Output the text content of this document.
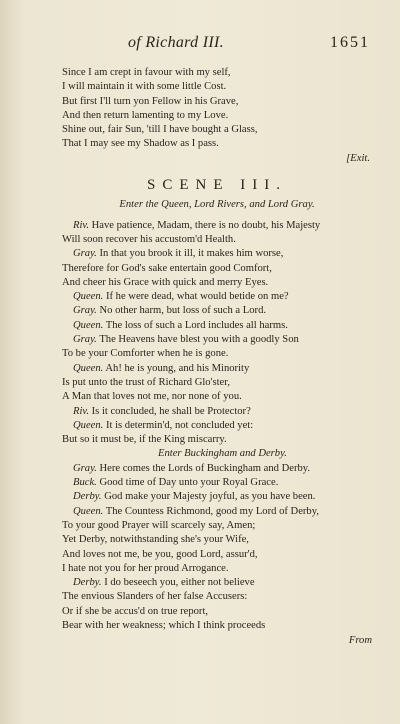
of Richard III.	1651
Since I am crept in favour with my self,
I will maintain it with some little Cost.
But first I'll turn yon Fellow in his Grave,
And then return lamenting to my Love.
Shine out, fair Sun, 'till I have bought a Glass,
That I may see my Shadow as I pass.
[Exit.
SCENE III.
Enter the Queen, Lord Rivers, and Lord Gray.
Riv. Have patience, Madam, there is no doubt, his Majesty
Will soon recover his accustom'd Health.
Gray. In that you brook it ill, it makes him worse,
Therefore for God's sake entertain good Comfort,
And cheer his Grace with quick and merry Eyes.
Queen. If he were dead, what would betide on me?
Gray. No other harm, but loss of such a Lord.
Queen. The loss of such a Lord includes all harms.
Gray. The Heavens have blest you with a goodly Son
To be your Comforter when he is gone.
Queen. Ah! he is young, and his Minority
Is put unto the trust of Richard Glo'ster,
A Man that loves not me, nor none of you.
Riv. Is it concluded, he shall be Protector?
Queen. It is determin'd, not concluded yet:
But so it must be, if the King miscarry.
Enter Buckingham and Derby.
Gray. Here comes the Lords of Buckingham and Derby.
Buck. Good time of Day unto your Royal Grace.
Derby. God make your Majesty joyful, as you have been.
Queen. The Countess Richmond, good my Lord of Derby,
To your good Prayer will scarcely say, Amen;
Yet Derby, notwithstanding she's your Wife,
And loves not me, be you, good Lord, assur'd,
I hate not you for her proud Arrogance.
Derby. I do beseech you, either not believe
The envious Slanders of her false Accusers:
Or if she be accus'd on true report,
Bear with her weakness; which I think proceeds
From
